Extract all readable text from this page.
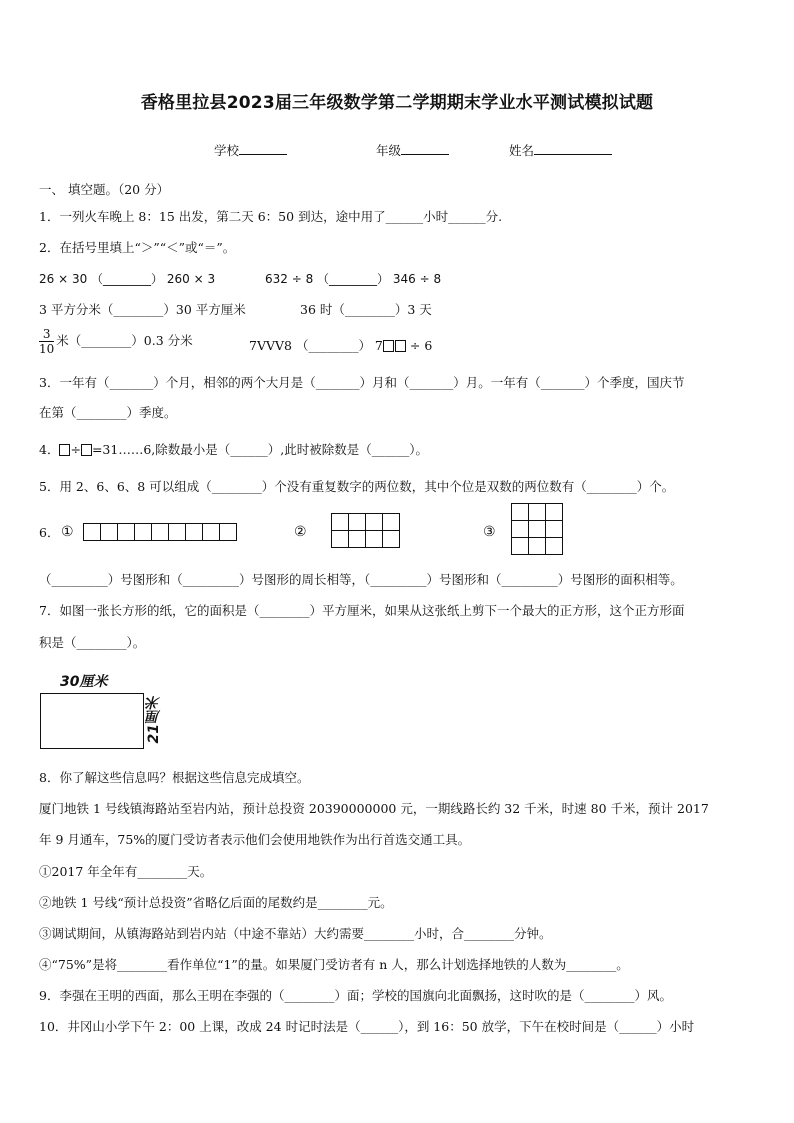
香格里拉县2023届三年级数学第二学期期末学业水平测试模拟试题
学校	年级	姓名
一、 填空题。（20 分）
1．一列火车晚上 8：15 出发，第二天 6：50 到达，途中用了______小时______分.
2．在括号里填上“＞”“＜”或“＝”。
26 × 30 （________） 260 × 3	632 ÷ 8 （________） 346 ÷ 8
3 平方分米（________）30 平方厘米	36 时（________）3 天
$\frac{3}{10}$ 米（________）0.3 分米	7VVV8 （________） 7 ÷ 6
3．一年有（_______）个月，相邻的两个大月是（_______）月和（_______）月。一年有（_______）个季度，国庆节
在第（________）季度。
4． ÷ =31……6,除数最小是（______）,此时被除数是（______）。
5．用 2、6、6、8 可以组成（________）个没有重复数字的两位数，其中个位是双数的两位数有（________）个。
6． ①	②	③
（_________）号图形和（_________）号图形的周长相等，（_________）号图形和（_________）号图形的面积相等。
7．如图一张长方形的纸，它的面积是（________）平方厘米，如果从这张纸上剪下一个最大的正方形，这个正方形面
积是（________）。
30厘米
21厘米
8．你了解这些信息吗？根据这些信息完成填空。
厦门地铁 1 号线镇海路站至岩内站，预计总投资 20390000000 元，一期线路长约 32 千米，时速 80 千米，预计 2017
年 9 月通车，75%的厦门受访者表示他们会使用地铁作为出行首选交通工具。
①2017 年全年有________天。
②地铁 1 号线“预计总投资”省略亿后面的尾数约是________元。
③调试期间，从镇海路站到岩内站（中途不靠站）大约需要________小时，合________分钟。
④“75%”是将________看作单位“1”的量。如果厦门受访者有 n 人，那么计划选择地铁的人数为________。
9．李强在王明的西面，那么王明在李强的（________）面；学校的国旗向北面飘扬，这时吹的是（________）风。
10．井冈山小学下午 2：00 上课，改成 24 时记时法是（______），到 16：50 放学，下午在校时间是（______）小时
